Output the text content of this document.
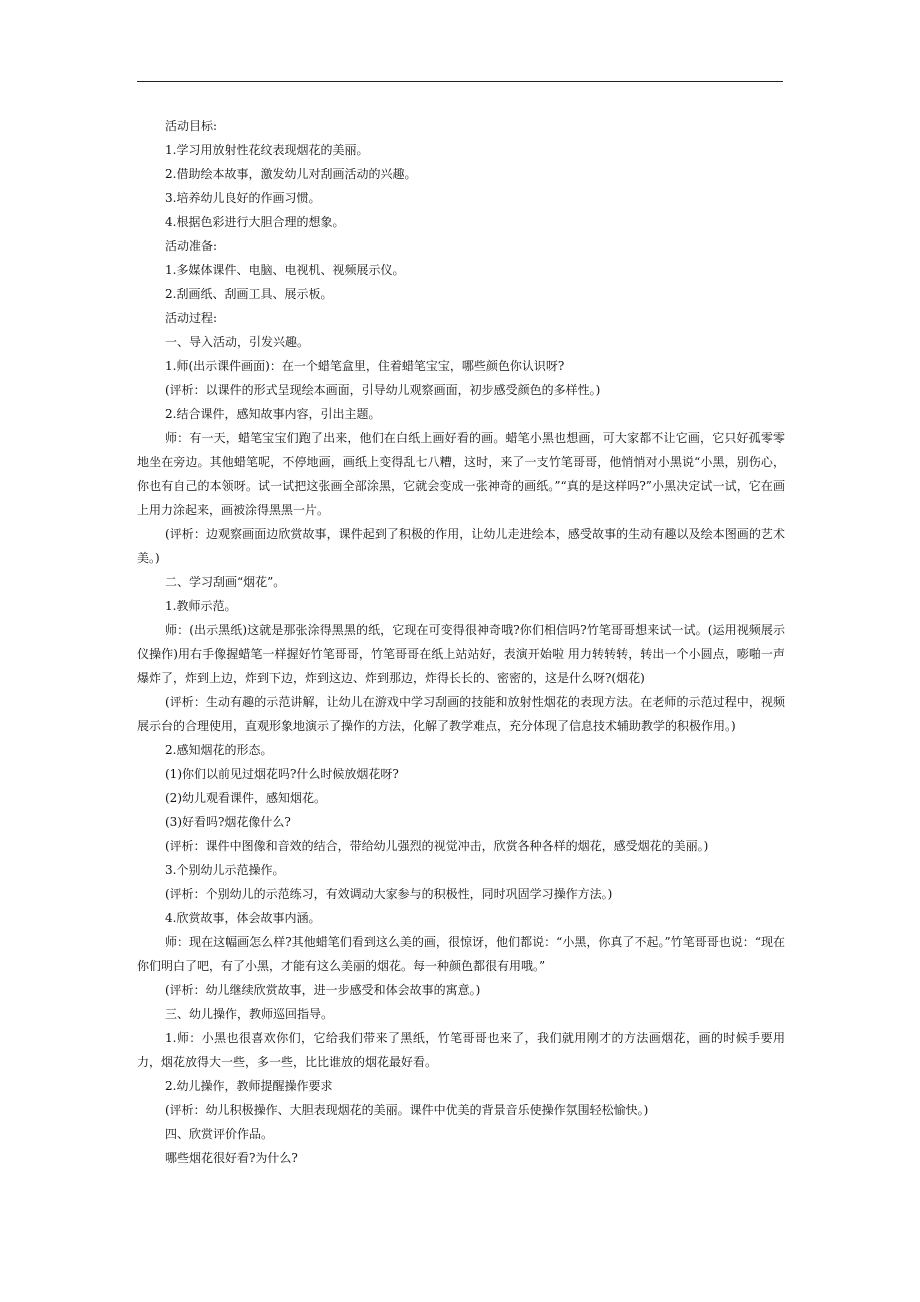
活动目标:

1.学习用放射性花纹表现烟花的美丽。

2.借助绘本故事，激发幼儿对刮画活动的兴趣。

3.培养幼儿良好的作画习惯。

4.根据色彩进行大胆合理的想象。

活动准备:

1.多媒体课件、电脑、电视机、视频展示仪。

2.刮画纸、刮画工具、展示板。

活动过程:

一、导入活动，引发兴趣。

1.师(出示课件画面)：在一个蜡笔盒里，住着蜡笔宝宝，哪些颜色你认识呀?

(评析：以课件的形式呈现绘本画面，引导幼儿观察画面，初步感受颜色的多样性。)

2.结合课件，感知故事内容，引出主题。

师：有一天，蜡笔宝宝们跑了出来，他们在白纸上画好看的画。蜡笔小黑也想画，可大家都不让它画，它只好孤零零地坐在旁边。其他蜡笔呢，不停地画，画纸上变得乱七八糟，这时，来了一支竹笔哥哥，他悄悄对小黑说“小黑，别伤心，你也有自己的本领呀。试一试把这张画全部涂黑，它就会变成一张神奇的画纸。”“真的是这样吗?”小黑决定试一试，它在画上用力涂起来，画被涂得黑黑一片。

(评析：边观察画面边欣赏故事，课件起到了积极的作用，让幼儿走进绘本，感受故事的生动有趣以及绘本图画的艺术美。)

二、学习刮画“烟花”。

1.教师示范。

师：(出示黑纸)这就是那张涂得黑黑的纸，它现在可变得很神奇哦?你们相信吗?竹笔哥哥想来试一试。(运用视频展示仪操作)用右手像握蜡笔一样握好竹笔哥哥，竹笔哥哥在纸上站站好，表演开始啦 用力转转转，转出一个小圆点，嘭啪一声爆炸了，炸到上边，炸到下边，炸到这边、炸到那边，炸得长长的、密密的，这是什么呀?(烟花)

(评析：生动有趣的示范讲解，让幼儿在游戏中学习刮画的技能和放射性烟花的表现方法。在老师的示范过程中，视频展示台的合理使用，直观形象地演示了操作的方法，化解了教学难点，充分体现了信息技术辅助教学的积极作用。)

2.感知烟花的形态。

(1)你们以前见过烟花吗?什么时候放烟花呀?

(2)幼儿观看课件，感知烟花。

(3)好看吗?烟花像什么?

(评析：课件中图像和音效的结合，带给幼儿强烈的视觉冲击，欣赏各种各样的烟花，感受烟花的美丽。)

3.个别幼儿示范操作。

(评析：个别幼儿的示范练习，有效调动大家参与的积极性，同时巩固学习操作方法。)

4.欣赏故事，体会故事内涵。

师：现在这幅画怎么样?其他蜡笔们看到这么美的画，很惊讶，他们都说：“小黑，你真了不起。”竹笔哥哥也说：“现在你们明白了吧，有了小黑，才能有这么美丽的烟花。每一种颜色都很有用哦。”

(评析：幼儿继续欣赏故事，进一步感受和体会故事的寓意。)

三、幼儿操作，教师巡回指导。

1.师：小黑也很喜欢你们，它给我们带来了黑纸，竹笔哥哥也来了，我们就用刚才的方法画烟花，画的时候手要用力，烟花放得大一些，多一些，比比谁放的烟花最好看。

2.幼儿操作，教师提醒操作要求

(评析：幼儿积极操作、大胆表现烟花的美丽。课件中优美的背景音乐使操作氛围轻松愉快。)

四、欣赏评价作品。

哪些烟花很好看?为什么?
